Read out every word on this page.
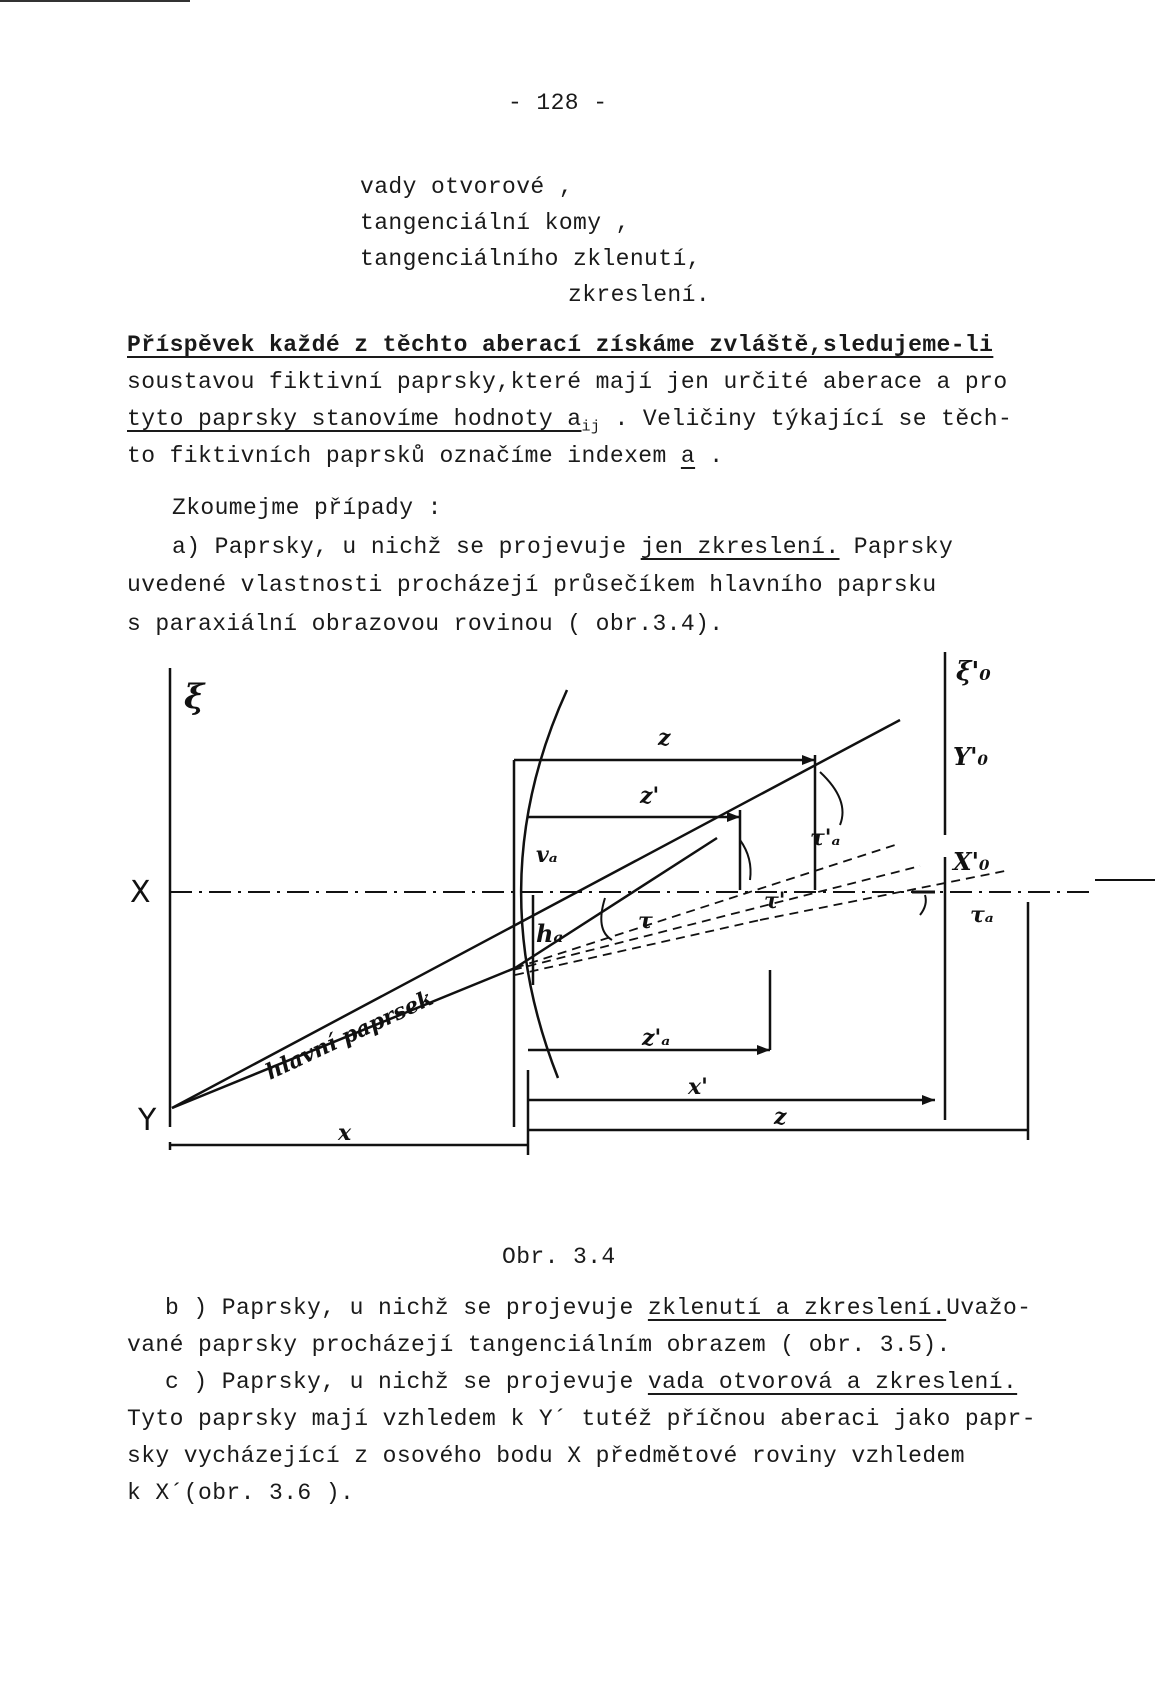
- 128 -
vady otvorové ,
tangenciální komy ,
tangenciálního zklenutí,
zkreslení.
Příspěvek každé z těchto aberací získáme zvláště,sledujeme-li
soustavou fiktivní paprsky,které mají jen určité aberace a pro
tyto paprsky stanovíme hodnoty $a_{ij}$ . Veličiny týkající se těch-
to fiktivních paprsků označíme indexem a .
Zkoumejme případy :
a) Paprsky, u nichž se projevuje jen zkreslení. Paprsky
uvedené vlastnosti procházejí průsečíkem hlavního paprsku
s paraxiální obrazovou rovinou ( obr.3.4).
ξ
ξ'₀
X
Y
Y'₀
X'₀
z
z'
vₐ
hₐ	τ
τ'
τ'ₐ
τₐ
hlavní paprsek	z'ₐ
x'
x
z
Obr. 3.4
b ) Paprsky, u nichž se projevuje zklenutí a zkreslení.Uvažo-
vané paprsky procházejí tangenciálním obrazem ( obr. 3.5).
c ) Paprsky, u nichž se projevuje vada otvorová a zkreslení.
Tyto paprsky mají vzhledem k Y´ tutéž příčnou aberaci jako papr-
sky vycházející z osového bodu X předmětové roviny vzhledem
k X´(obr. 3.6 ).
